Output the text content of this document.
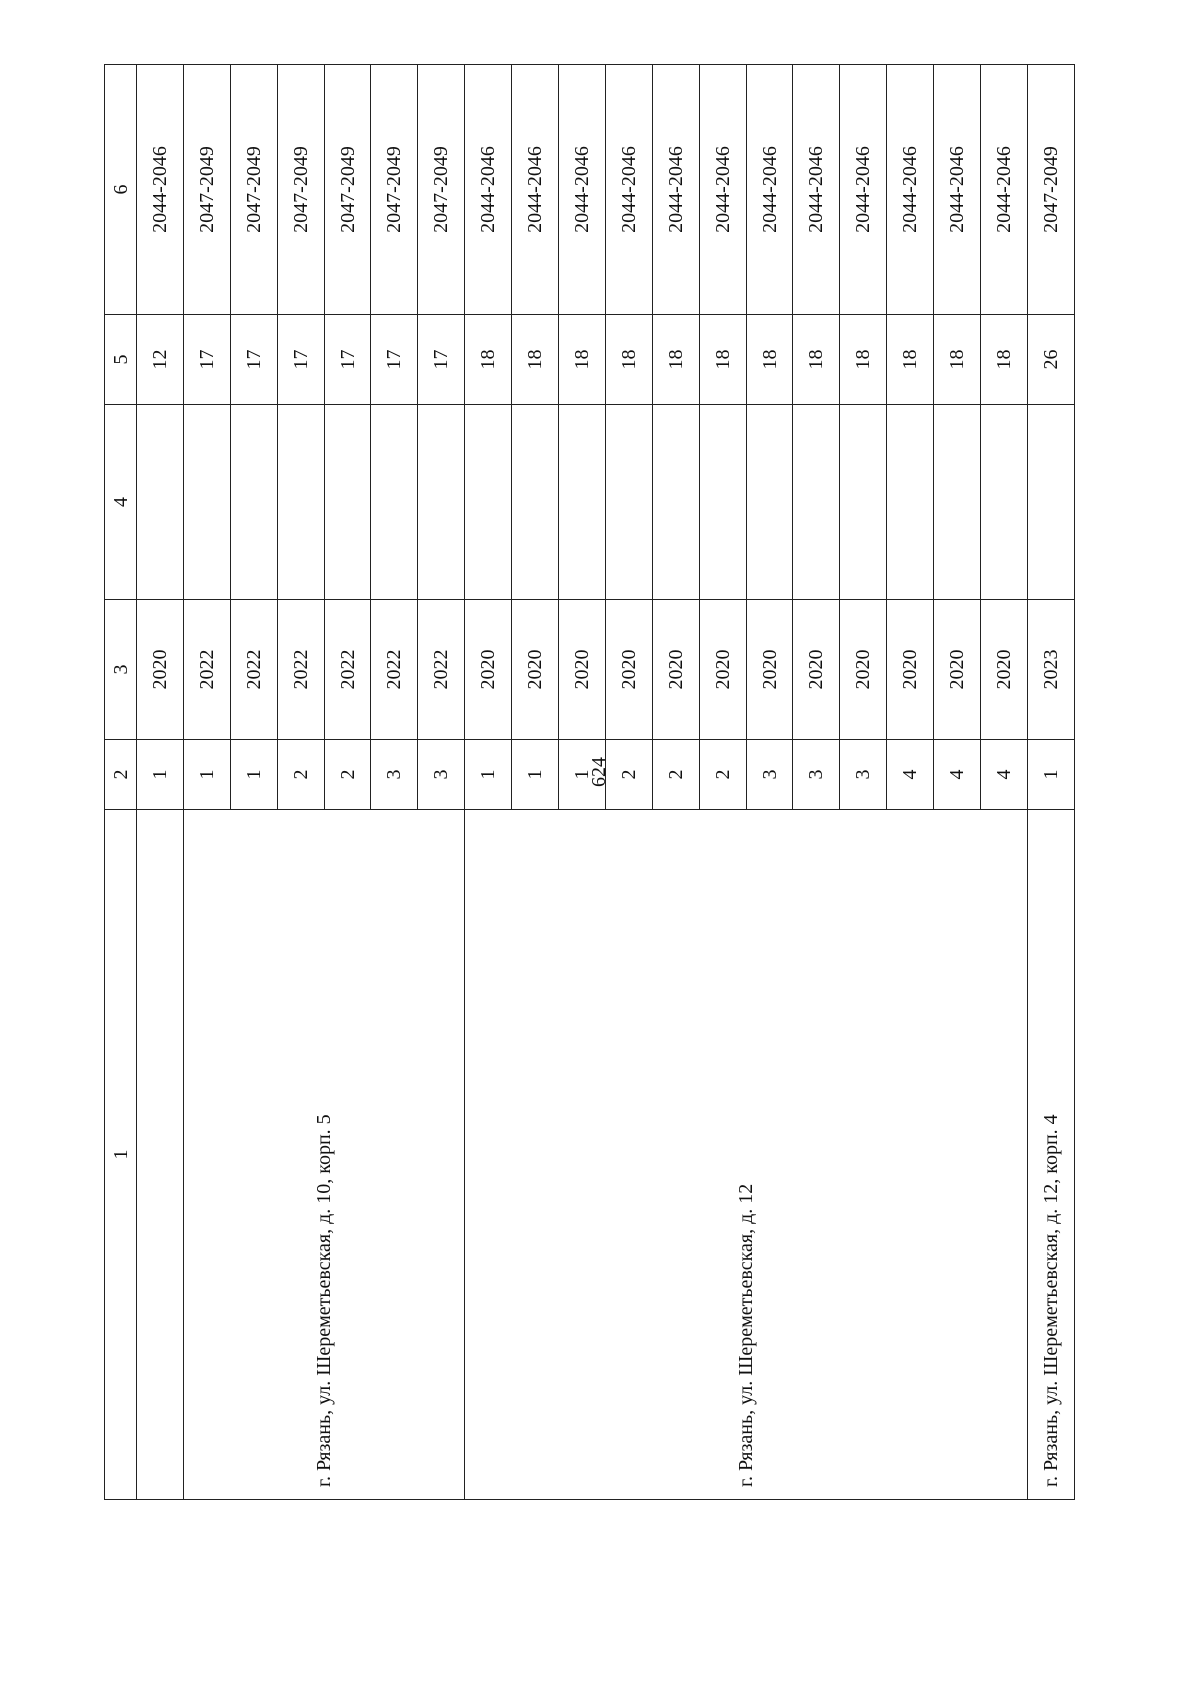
624
1	2	3	4	5	6
	1	2020		12	2044-2046
г. Рязань, ул. Шереметьевская, д. 10, корп. 5	1	2022		17	2047-2049
	1	2022		17	2047-2049
	2	2022		17	2047-2049
	2	2022		17	2047-2049
	3	2022		17	2047-2049
	3	2022		17	2047-2049
г. Рязань, ул. Шереметьевская, д. 12	1	2020		18	2044-2046
	1	2020		18	2044-2046
	1	2020		18	2044-2046
	2	2020		18	2044-2046
	2	2020		18	2044-2046
	2	2020		18	2044-2046
	3	2020		18	2044-2046
	3	2020		18	2044-2046
	3	2020		18	2044-2046
	4	2020		18	2044-2046
	4	2020		18	2044-2046
	4	2020		18	2044-2046
г. Рязань, ул. Шереметьевская, д. 12, корп. 4	1	2023		26	2047-2049
